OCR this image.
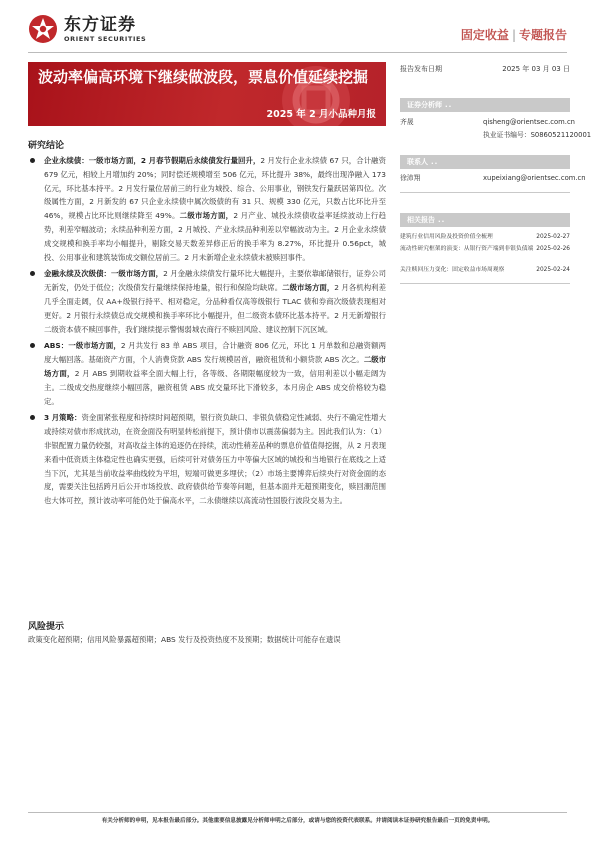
东方证券
ORIENT SECURITIES	固定收益 | 专题报告
波动率偏高环境下继续做波段，票息价值延续挖掘
2025 年 2 月小品种月报
研究结论
企业永续债：一级市场方面，2 月春节假期后永续债发行量回升，2 月发行企业永续债 67 只，合计融资 679 亿元，相较上月增加约 20%；同时偿还规模增至 506 亿元，环比提升 38%，最终出现净融入 173 亿元，环比基本持平。2 月发行量位居前三的行业为城投、综合、公用事业，钢铁发行量跃居第四位。次级属性方面，2 月新发的 67 只企业永续债中属次级债的有 31 只、规模 330 亿元，只数占比环比升至 46%，规模占比环比则继续降至 49%。二级市场方面，2 月产业、城投永续债收益率延续波动上行趋势，利差窄幅波动；永续品种利差方面，2 月城投、产业永续品种利差以窄幅波动为主。2 月企业永续债成交规模和换手率均小幅提升，剔除交易天数差异修正后的换手率为 8.27%，环比提升 0.56pct，城投、公用事业和建筑装饰成交额位居前三。2 月未新增企业永续债未被赎回事件。
金融永续及次级债：一级市场方面，2 月金融永续债发行量环比大幅提升，主要依靠邮储银行，证券公司无新发，仍处于低位；次级债发行量继续保持地量，银行和保险均缺席。二级市场方面，2 月各机构利差几乎全面走阔，仅 AA+级银行持平、相对稳定，分品种看仅高等级银行 TLAC 债和券商次级债表现相对更好。2 月银行永续债总成交规模和换手率环比小幅提升，但二级资本债环比基本持平。2 月无新增银行二级资本债不赎回事件，我们继续提示警惕弱城农商行不赎回风险、建议控制下沉区域。
ABS：一级市场方面，2 月共发行 83 单 ABS 项目，合计融资 806 亿元，环比 1 月单数和总融资额两度大幅回落。基础资产方面，个人消费贷款 ABS 发行规模居首，融资租赁和小额贷款 ABS 次之。二级市场方面，2 月 ABS 到期收益率全面大幅上行，各等级、各期限幅度较为一致，信用利差以小幅走阔为主。二级成交热度继续小幅回落，融资租赁 ABS 成交量环比下滑较多，本月房企 ABS 成交价格较为稳定。
3 月策略：资金面紧张程度和持续时间超预期，银行资负缺口、非银负债稳定性减弱、央行不确定性增大或持续对债市形成扰动，在资金面没有明显转松前提下，预计债市以震荡偏弱为主。因此我们认为：（1）非银配置力量仍较强，对高收益主体的追逐仍在持续，流动性稍差品种的票息价值值得挖掘，从 2 月表现来看中低资质主体稳定性也确实更强，后续可针对债务压力中等偏大区域的城投和当地银行在底线之上适当下沉，尤其是当前收益率曲线较为平坦，短端可做更多埋伏；（2）市场主要博弈后续央行对资金面的态度，需要关注包括跨月后公开市场投放、政府债供给节奏等问题，但基本面并无超预期变化，赎回潮范围也大体可控，预计波动率可能仍处于偏高水平，二永债继续以高流动性国股行波段交易为主。
风险提示
政策变化超预期；信用风险暴露超预期；ABS 发行及投资热度不及预期；数据统计可能存在遗误
报告发布日期	2025 年 03 月 03 日
证券分析师 ..
齐晟	qisheng@orientsec.com.cn
执业证书编号：S0860521120001
联系人 ..
徐沛翔	xupeixiang@orientsec.com.cn
相关报告 ..
建筑行业信用风险及投资价值全梳理	2025-02-27
流动性研究框架的演变：从银行资产端到非银负债端 2025-02-26
关注赎回压力变化：固定收益市场周观察	2025-02-24
有关分析师的申明，见本报告最后部分。其他重要信息披露见分析师申明之后部分，或请与您的投资代表联系。并请阅读本证券研究报告最后一页的免责申明。
